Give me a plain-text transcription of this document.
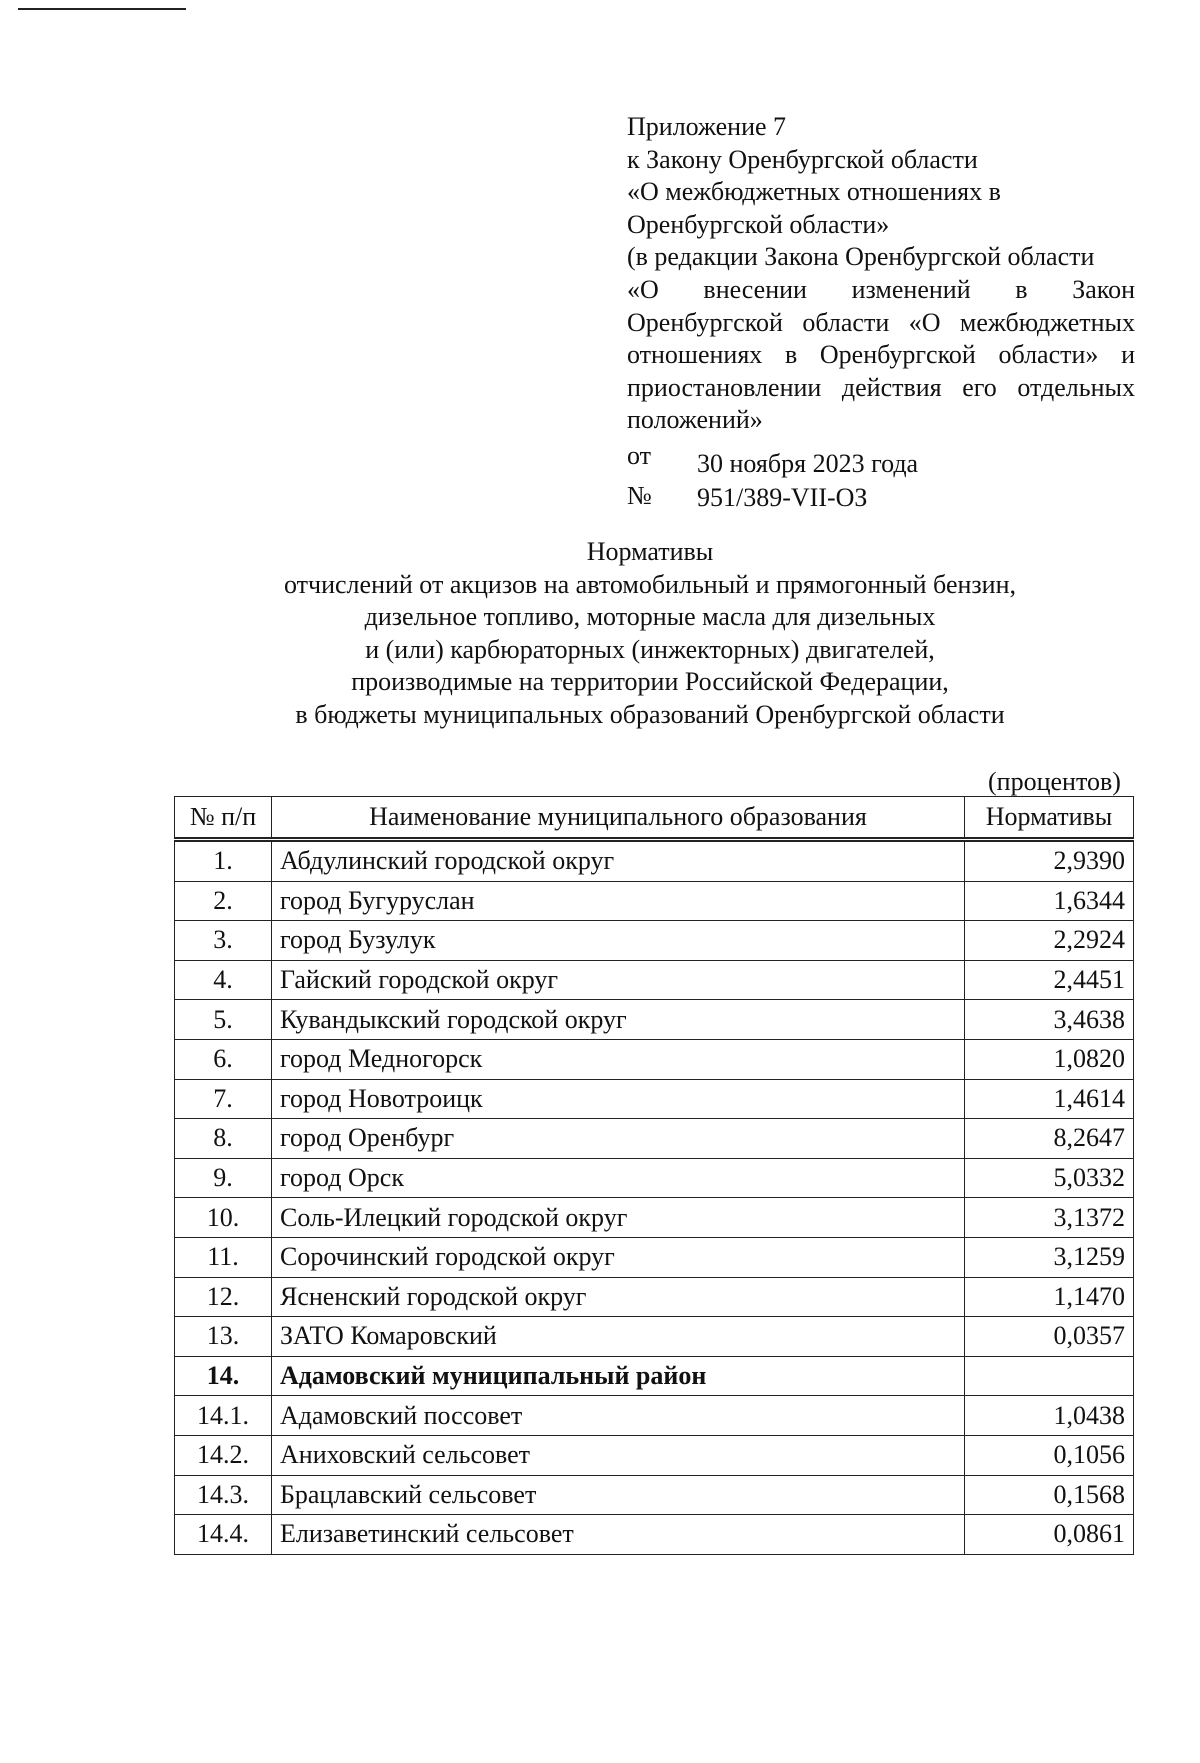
Приложение 7
к Закону Оренбургской области
«О межбюджетных отношениях в
Оренбургской области»
(в редакции Закона Оренбургской области
«О внесении изменений в Закон
Оренбургской области «О межбюджетных
отношениях в Оренбургской области» и
приостановлении действия его отдельных
положений»
от	30 ноября 2023 года
№	951/389-VII-ОЗ
Нормативы
отчислений от акцизов на автомобильный и прямогонный бензин,
дизельное топливо, моторные масла для дизельных
и (или) карбюраторных (инжекторных) двигателей,
производимые на территории Российской Федерации,
в бюджеты муниципальных образований Оренбургской области
(процентов)
№ п/п	Наименование муниципального образования	Нормативы
1.	Абдулинский городской округ	2,9390
2.	город Бугуруслан	1,6344
3.	город Бузулук	2,2924
4.	Гайский городской округ	2,4451
5.	Кувандыкский городской округ	3,4638
6.	город Медногорск	1,0820
7.	город Новотроицк	1,4614
8.	город Оренбург	8,2647
9.	город Орск	5,0332
10.	Соль-Илецкий городской округ	3,1372
11.	Сорочинский городской округ	3,1259
12.	Ясненский городской округ	1,1470
13.	ЗАТО Комаровский	0,0357
14.	Адамовский муниципальный район	
14.1.	Адамовский поссовет	1,0438
14.2.	Аниховский сельсовет	0,1056
14.3.	Брацлавский сельсовет	0,1568
14.4.	Елизаветинский сельсовет	0,0861
